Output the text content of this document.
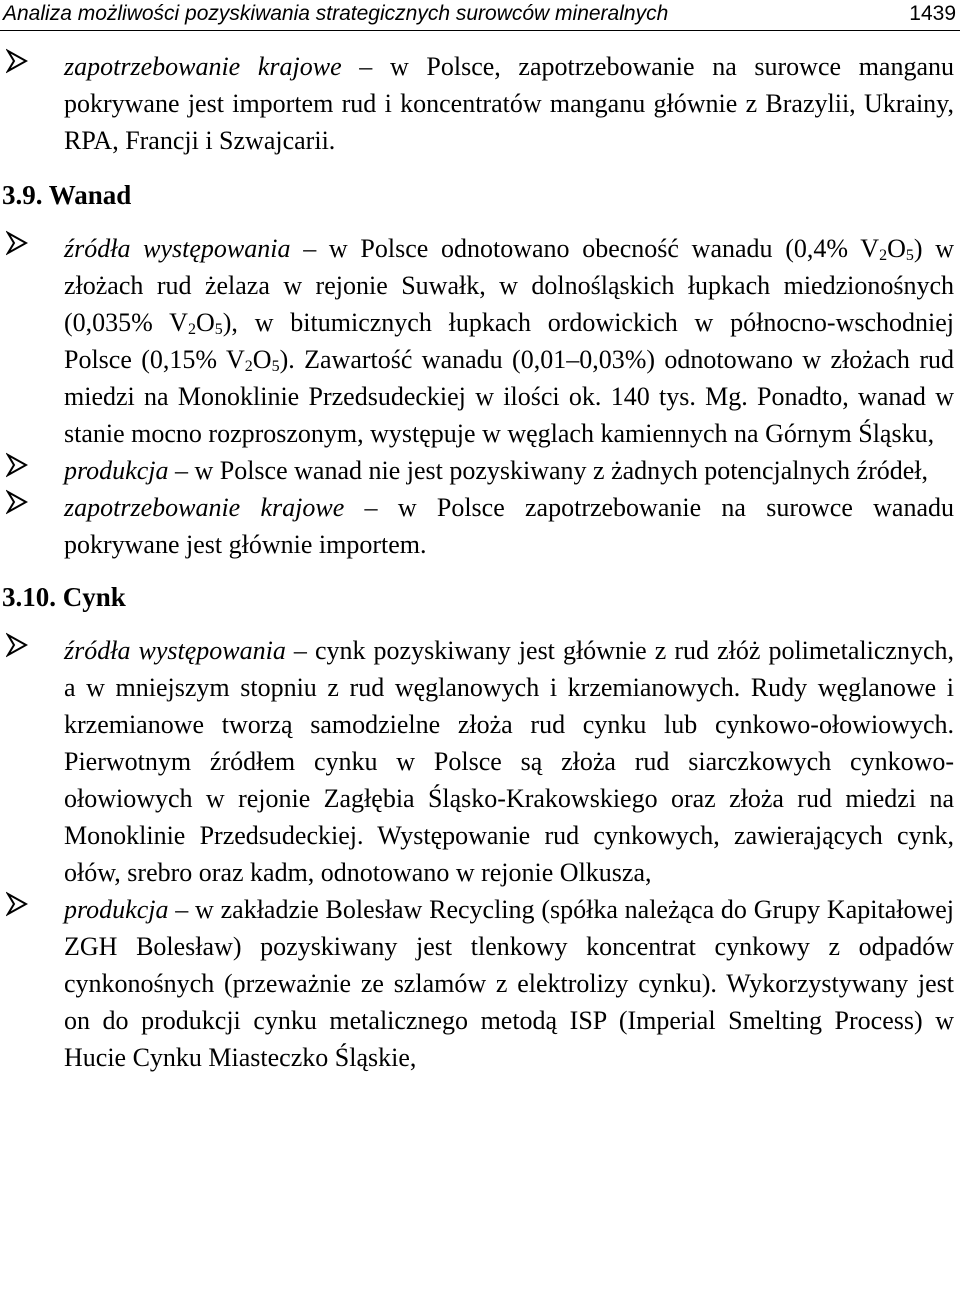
Analiza możliwości pozyskiwania strategicznych surowców mineralnych	1439
zapotrzebowanie krajowe – w Polsce, zapotrzebowanie na surowce manganu pokrywane jest importem rud i koncentratów manganu głównie z Brazylii, Ukrainy, RPA, Francji i Szwajcarii.
3.9. Wanad
źródła występowania – w Polsce odnotowano obecność wanadu (0,4% $V_2O_5$) w złożach rud żelaza w rejonie Suwałk, w dolnośląskich łupkach miedzionośnych (0,035% $V_2O_5$), w bitumicznych łupkach ordowickich w północno-wschodniej Polsce (0,15% $V_2O_5$). Zawartość wanadu (0,01–0,03%) odnotowano w złożach rud miedzi na Monoklinie Przedsudeckiej w ilości ok. 140 tys. Mg. Ponadto, wanad w stanie mocno rozproszonym, występuje w węglach kamiennych na Górnym Śląsku,
produkcja – w Polsce wanad nie jest pozyskiwany z żadnych potencjalnych źródeł,
zapotrzebowanie krajowe – w Polsce zapotrzebowanie na surowce wanadu pokrywane jest głównie importem.
3.10. Cynk
źródła występowania – cynk pozyskiwany jest głównie z rud złóż polimetalicznych, a w mniejszym stopniu z rud węglanowych i krzemianowych. Rudy węglanowe i krzemianowe tworzą samodzielne złoża rud cynku lub cynkowo-ołowiowych. Pierwotnym źródłem cynku w Polsce są złoża rud siarczkowych cynkowo-ołowiowych w rejonie Zagłębia Śląsko-Krakowskiego oraz złoża rud miedzi na Monoklinie Przedsudeckiej. Występowanie rud cynkowych, zawierających cynk, ołów, srebro oraz kadm, odnotowano w rejonie Olkusza,
produkcja – w zakładzie Bolesław Recycling (spółka należąca do Grupy Kapitałowej ZGH Bolesław) pozyskiwany jest tlenkowy koncentrat cynkowy z odpadów cynkonośnych (przeważnie ze szlamów z elektrolizy cynku). Wykorzystywany jest on do produkcji cynku metalicznego metodą ISP (Imperial Smelting Process) w Hucie Cynku Miasteczko Śląskie,
